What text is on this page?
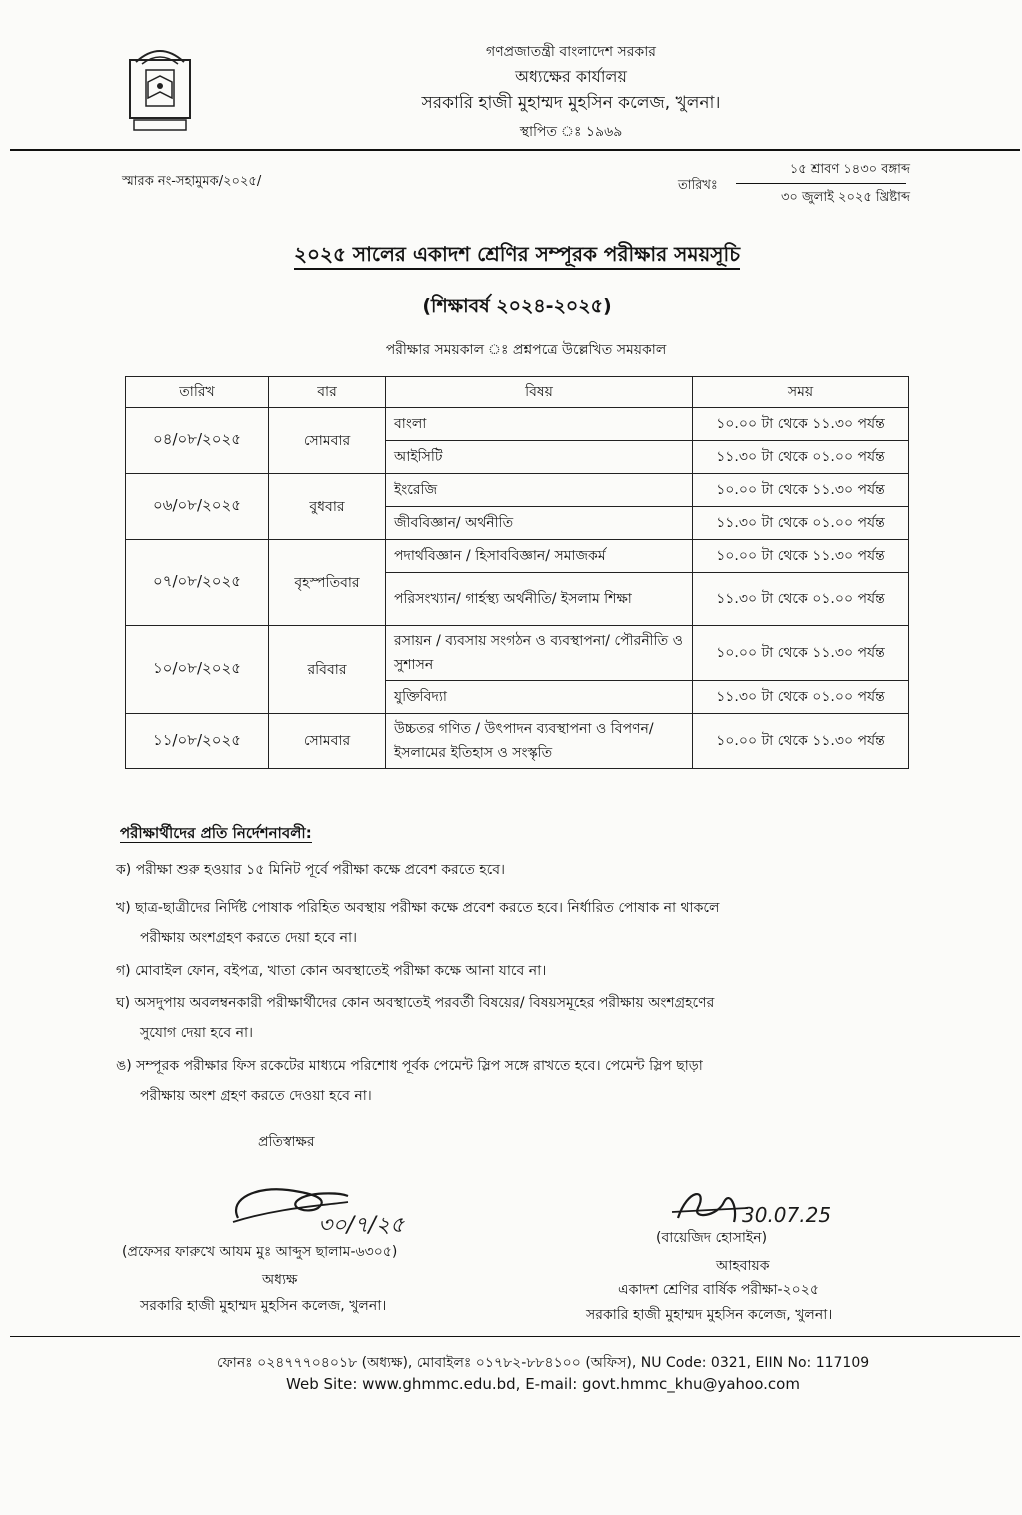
গণপ্রজাতন্ত্রী বাংলাদেশ সরকার
অধ্যক্ষের কার্যালয়
সরকারি হাজী মুহাম্মদ মুহসিন কলেজ, খুলনা।
স্থাপিত ঃ ১৯৬৯
স্মারক নং-সহামুমক/২০২৫/
১৫ শ্রাবণ ১৪৩০ বঙ্গাব্দ
তারিখঃ
৩০ জুলাই ২০২৫ খ্রিষ্টাব্দ
২০২৫ সালের একাদশ শ্রেণির সম্পূরক পরীক্ষার সময়সূচি
(শিক্ষাবর্ষ ২০২৪-২০২৫)
পরীক্ষার সময়কাল ঃ প্রশ্নপত্রে উল্লেখিত সময়কাল
তারিখ	বার	বিষয়	সময়
০৪/০৮/২০২৫	সোমবার	বাংলা	১০.০০ টা থেকে ১১.৩০ পর্যন্ত
		আইসিটি	১১.৩০ টা থেকে ০১.০০ পর্যন্ত
০৬/০৮/২০২৫	বুধবার	ইংরেজি	১০.০০ টা থেকে ১১.৩০ পর্যন্ত
		জীববিজ্ঞান/ অর্থনীতি	১১.৩০ টা থেকে ০১.০০ পর্যন্ত
০৭/০৮/২০২৫	বৃহস্পতিবার	পদার্থবিজ্ঞান / হিসাববিজ্ঞান/ সমাজকর্ম	১০.০০ টা থেকে ১১.৩০ পর্যন্ত
		পরিসংখ্যান/ গার্হস্থ্য অর্থনীতি/ ইসলাম শিক্ষা	১১.৩০ টা থেকে ০১.০০ পর্যন্ত
১০/০৮/২০২৫	রবিবার	রসায়ন / ব্যবসায় সংগঠন ও ব্যবস্থাপনা/ পৌরনীতি ও সুশাসন	১০.০০ টা থেকে ১১.৩০ পর্যন্ত
		যুক্তিবিদ্যা	১১.৩০ টা থেকে ০১.০০ পর্যন্ত
১১/০৮/২০২৫	সোমবার	উচ্চতর গণিত / উৎপাদন ব্যবস্থাপনা ও বিপণন/ ইসলামের ইতিহাস ও সংস্কৃতি	১০.০০ টা থেকে ১১.৩০ পর্যন্ত
পরীক্ষার্থীদের প্রতি নির্দেশনাবলী:
ক) পরীক্ষা শুরু হওয়ার ১৫ মিনিট পূর্বে পরীক্ষা কক্ষে প্রবেশ করতে হবে।
খ) ছাত্র-ছাত্রীদের নির্দিষ্ট পোষাক পরিহিত অবস্থায় পরীক্ষা কক্ষে প্রবেশ করতে হবে। নির্ধারিত পোষাক না থাকলে
পরীক্ষায় অংশগ্রহণ করতে দেয়া হবে না।
গ) মোবাইল ফোন, বইপত্র, খাতা কোন অবস্থাতেই পরীক্ষা কক্ষে আনা যাবে না।
ঘ) অসদুপায় অবলম্বনকারী পরীক্ষার্থীদের কোন অবস্থাতেই পরবর্তী বিষয়ের/ বিষয়সমূহের পরীক্ষায় অংশগ্রহণের
সুযোগ দেয়া হবে না।
ঙ) সম্পূরক পরীক্ষার ফিস রকেটের মাধ্যমে পরিশোধ পূর্বক পেমেন্ট স্লিপ সঙ্গে রাখতে হবে। পেমেন্ট স্লিপ ছাড়া
পরীক্ষায় অংশ গ্রহণ করতে দেওয়া হবে না।
প্রতিস্বাক্ষর
৩০/৭/২৫	30.07.25
(প্রফেসর ফারুখে আযম মুঃ আব্দুস ছালাম-৬৩০৫)
অধ্যক্ষ
সরকারি হাজী মুহাম্মদ মুহসিন কলেজ, খুলনা।
(বায়েজিদ হোসাইন)
আহবায়ক
একাদশ শ্রেণির বার্ষিক পরীক্ষা-২০২৫
সরকারি হাজী মুহাম্মদ মুহসিন কলেজ, খুলনা।
ফোনঃ ০২৪৭৭৭০৪০১৮ (অধ্যক্ষ), মোবাইলঃ ০১৭৮২-৮৮৪১০০ (অফিস), NU Code: 0321, EIIN No: 117109
Web Site: www.ghmmc.edu.bd, E-mail: govt.hmmc_khu@yahoo.com
